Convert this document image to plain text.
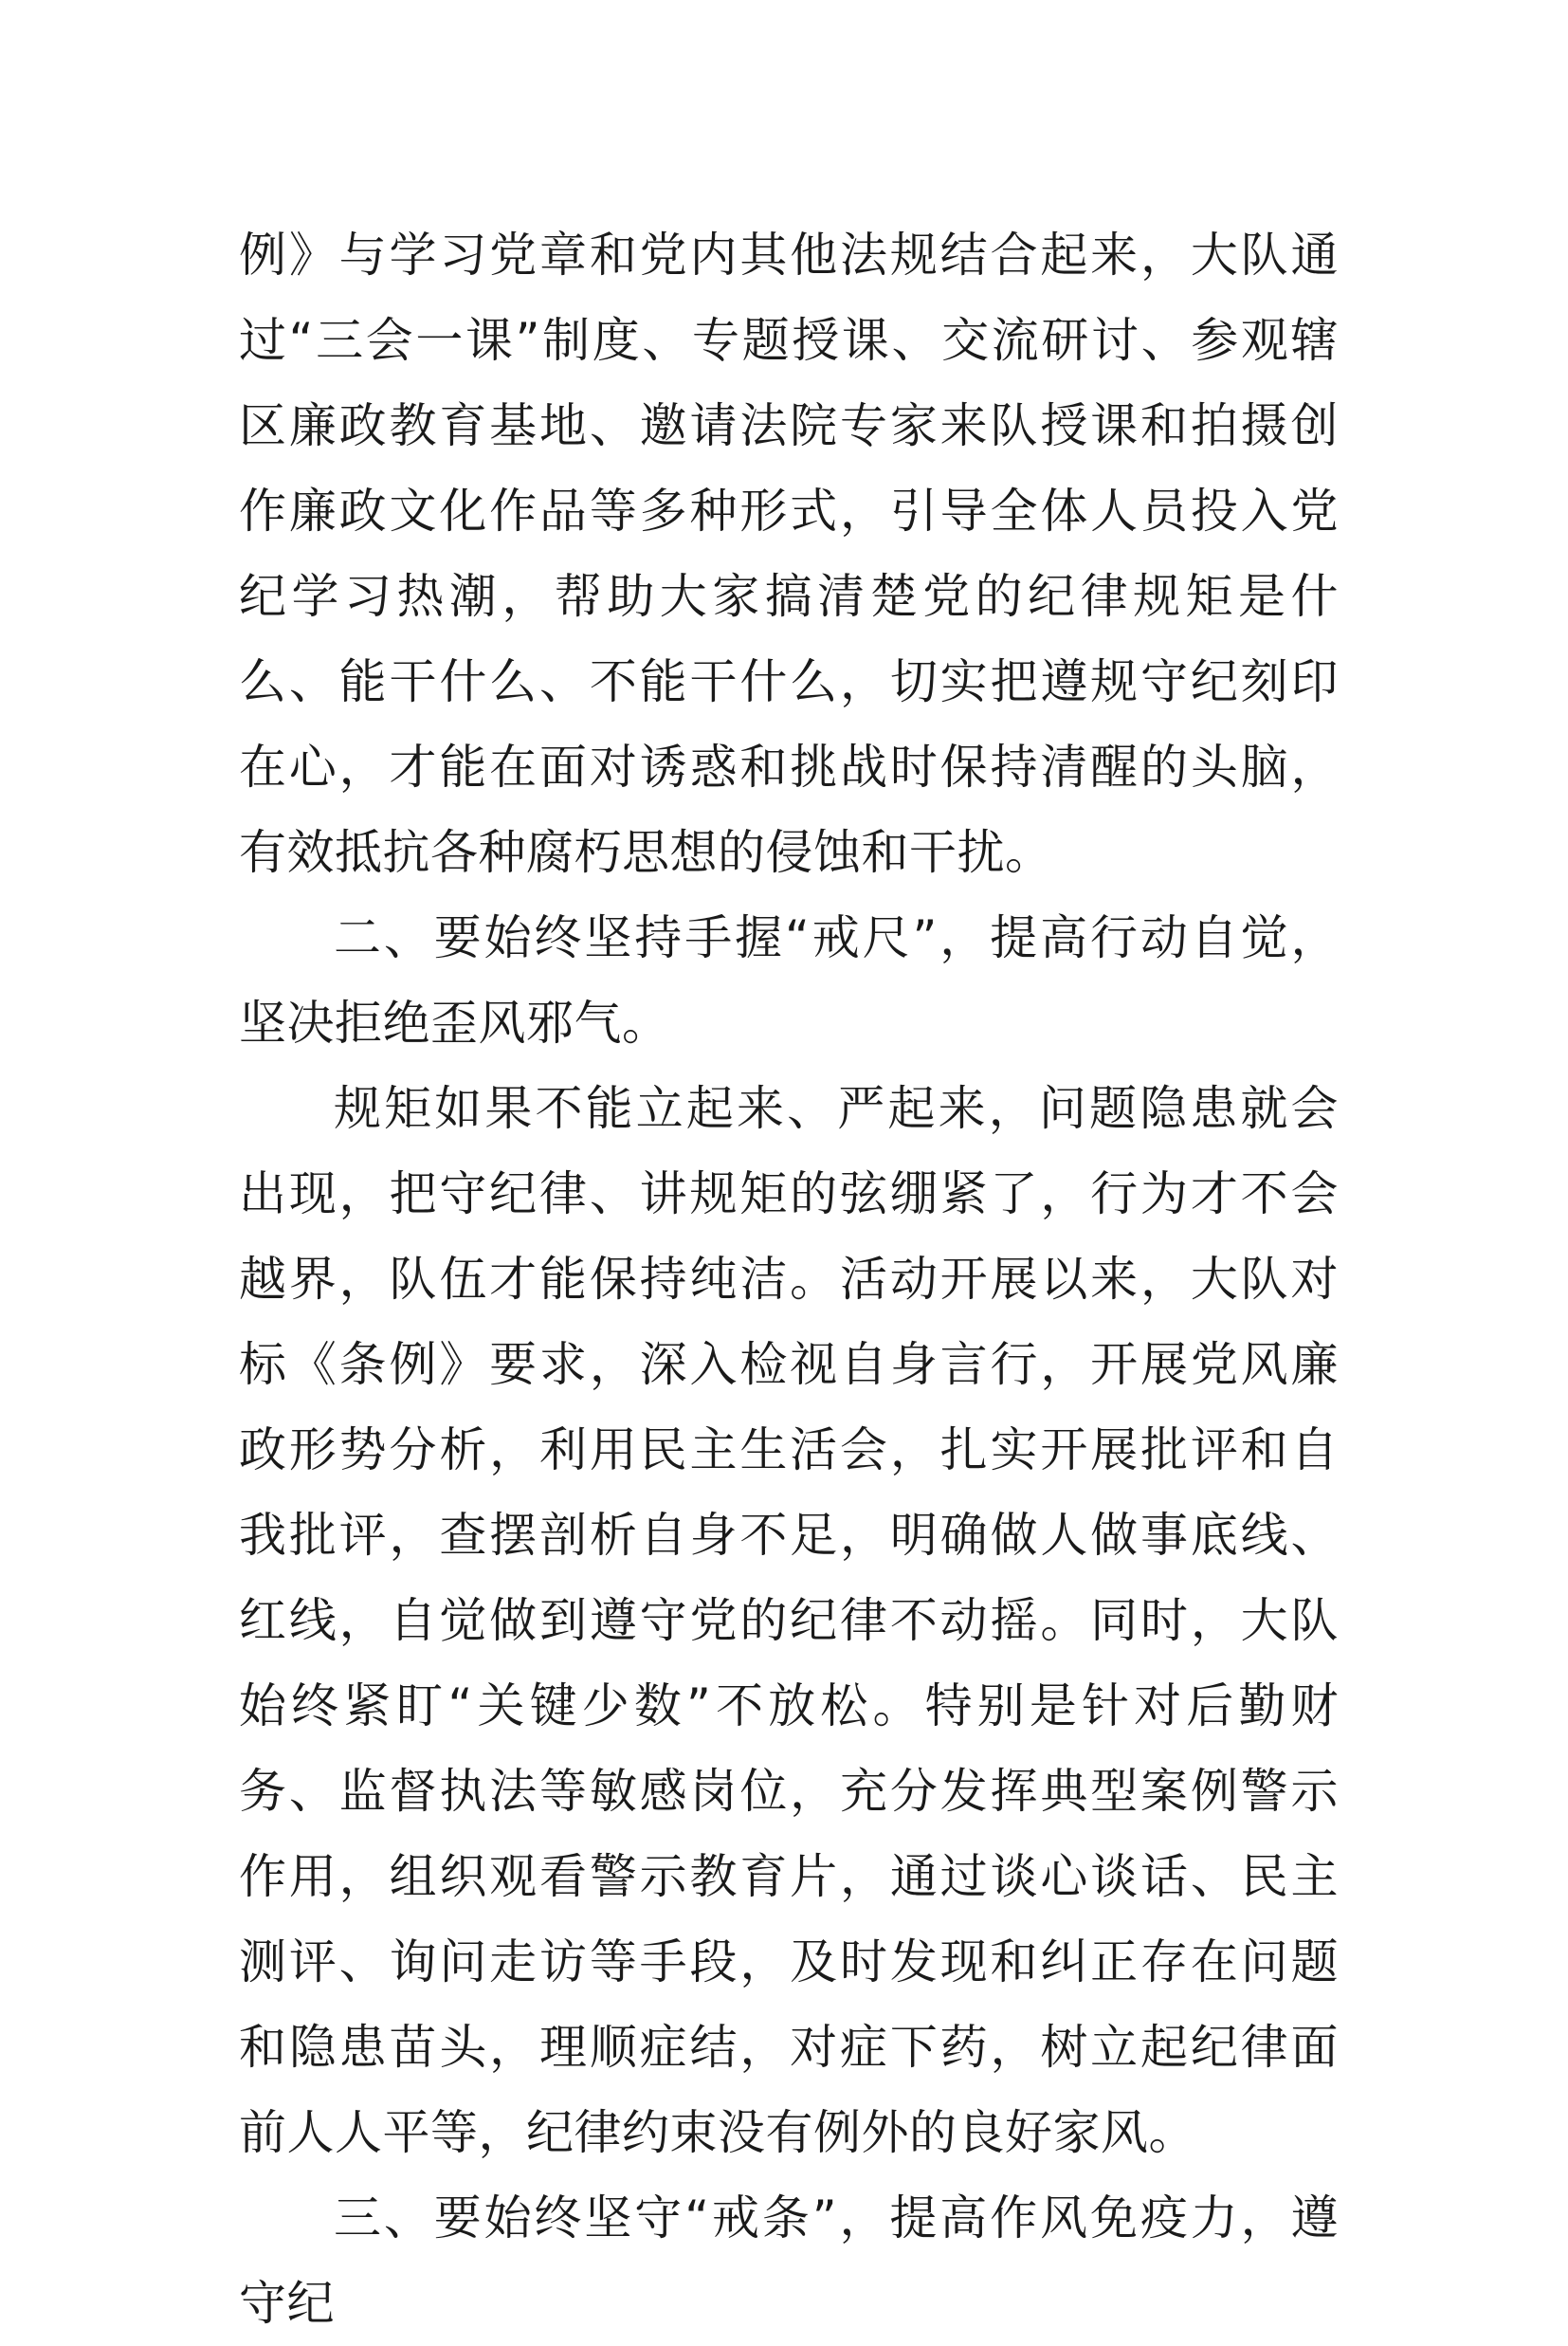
例》与学习党章和党内其他法规结合起来，大队通过“三会一课”制度、专题授课、交流研讨、参观辖区廉政教育基地、邀请法院专家来队授课和拍摄创作廉政文化作品等多种形式，引导全体人员投入党纪学习热潮，帮助大家搞清楚党的纪律规矩是什么、能干什么、不能干什么，切实把遵规守纪刻印在心，才能在面对诱惑和挑战时保持清醒的头脑，有效抵抗各种腐朽思想的侵蚀和干扰。

二、要始终坚持手握“戒尺”，提高行动自觉，坚决拒绝歪风邪气。

规矩如果不能立起来、严起来，问题隐患就会出现，把守纪律、讲规矩的弦绷紧了，行为才不会越界，队伍才能保持纯洁。活动开展以来，大队对标《条例》要求，深入检视自身言行，开展党风廉政形势分析，利用民主生活会，扎实开展批评和自我批评，查摆剖析自身不足，明确做人做事底线、红线，自觉做到遵守党的纪律不动摇。同时，大队始终紧盯“关键少数”不放松。特别是针对后勤财务、监督执法等敏感岗位，充分发挥典型案例警示作用，组织观看警示教育片，通过谈心谈话、民主测评、询问走访等手段，及时发现和纠正存在问题和隐患苗头，理顺症结，对症下药，树立起纪律面前人人平等，纪律约束没有例外的良好家风。

三、要始终坚守“戒条”，提高作风免疫力，遵守纪
